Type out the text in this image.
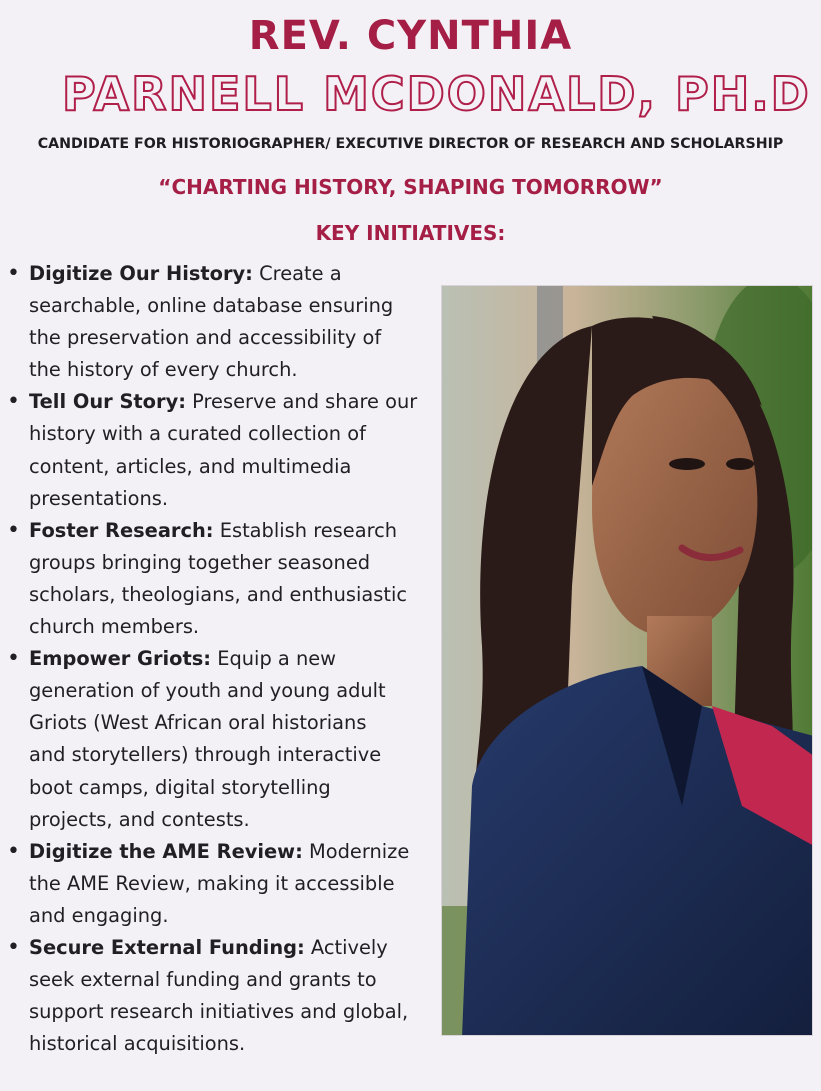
REV. CYNTHIA
PARNELL MCDONALD, PH.D

CANDIDATE FOR HISTORIOGRAPHER/ EXECUTIVE DIRECTOR OF RESEARCH AND SCHOLARSHIP

“CHARTING HISTORY, SHAPING TOMORROW”

KEY INITIATIVES:

• Digitize Our History: Create a
searchable, online database ensuring
the preservation and accessibility of
the history of every church.
• Tell Our Story: Preserve and share our
history with a curated collection of
content, articles, and multimedia
presentations.
• Foster Research: Establish research
groups bringing together seasoned
scholars, theologians, and enthusiastic
church members.
• Empower Griots: Equip a new
generation of youth and young adult
Griots (West African oral historians
and storytellers) through interactive
boot camps, digital storytelling
projects, and contests.
• Digitize the AME Review: Modernize
the AME Review, making it accessible
and engaging.
• Secure External Funding: Actively
seek external funding and grants to
support research initiatives and global,
historical acquisitions.
